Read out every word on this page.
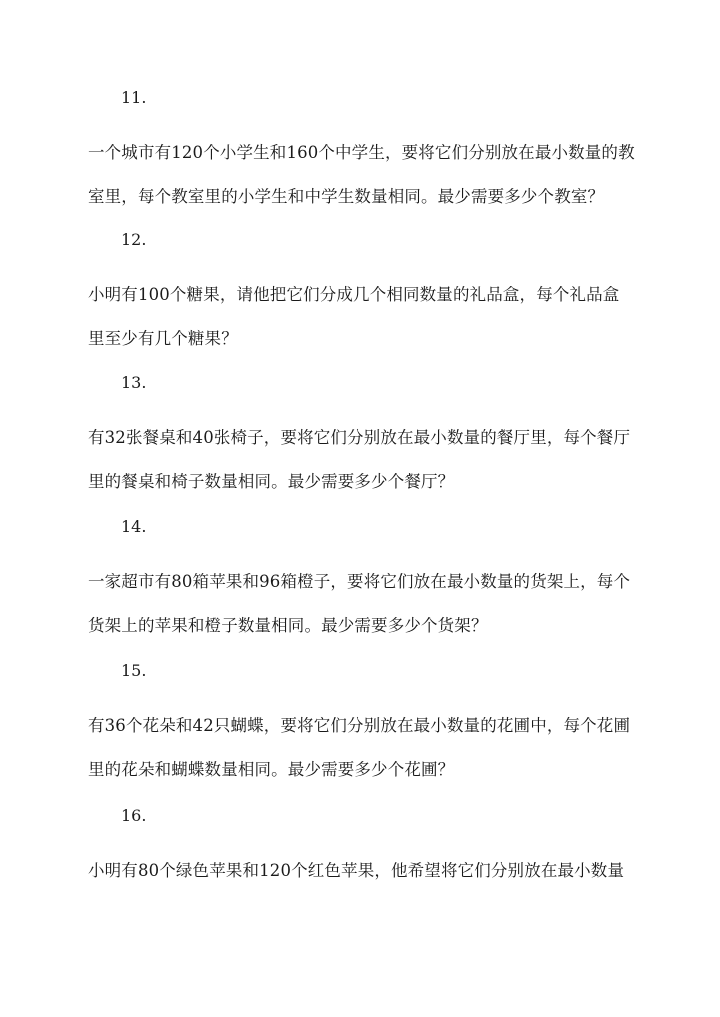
11.
一个城市有120个小学生和160个中学生，要将它们分别放在最小数量的教
室里，每个教室里的小学生和中学生数量相同。最少需要多少个教室？
12.
小明有100个糖果，请他把它们分成几个相同数量的礼品盒，每个礼品盒
里至少有几个糖果？
13.
有32张餐桌和40张椅子，要将它们分别放在最小数量的餐厅里，每个餐厅
里的餐桌和椅子数量相同。最少需要多少个餐厅？
14.
一家超市有80箱苹果和96箱橙子，要将它们放在最小数量的货架上，每个
货架上的苹果和橙子数量相同。最少需要多少个货架？
15.
有36个花朵和42只蝴蝶，要将它们分别放在最小数量的花圃中，每个花圃
里的花朵和蝴蝶数量相同。最少需要多少个花圃？
16.
小明有80个绿色苹果和120个红色苹果，他希望将它们分别放在最小数量
